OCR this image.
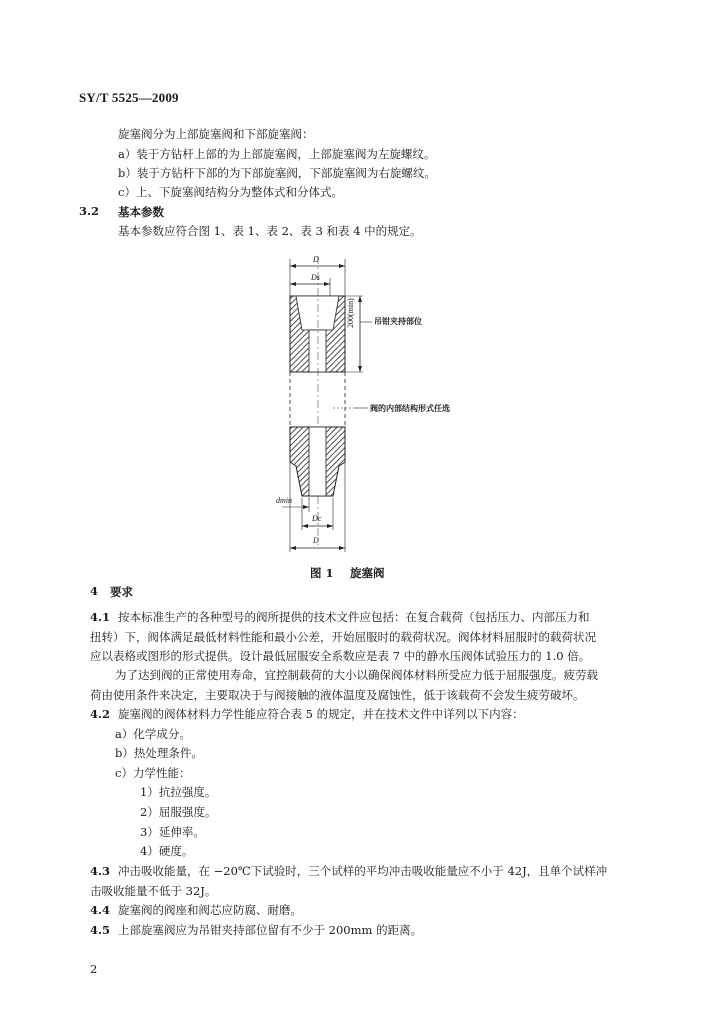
SY/T 5525—2009
旋塞阀分为上部旋塞阀和下部旋塞阀：
a）装于方钻杆上部的为上部旋塞阀，上部旋塞阀为左旋螺纹。
b）装于方钻杆下部的为下部旋塞阀，下部旋塞阀为右旋螺纹。
c）上、下旋塞阀结构分为整体式和分体式。
3.2 基本参数
基本参数应符合图 1、表 1、表 2、表 3 和表 4 中的规定。
D
Ds
200(min) 吊钳夹持部位
阀的内部结构形式任选
dmin
Dc
D
图 1 旋塞阀
4 要求
4.1 按本标准生产的各种型号的阀所提供的技术文件应包括：在复合载荷（包括压力、内部压力和
扭转）下，阀体满足最低材料性能和最小公差，开始屈服时的载荷状况。阀体材料屈服时的载荷状况
应以表格或图形的形式提供。设计最低屈服安全系数应是表 7 中的静水压阀体试验压力的 1.0 倍。
为了达到阀的正常使用寿命，宜控制载荷的大小以确保阀体材料所受应力低于屈服强度。疲劳载
荷由使用条件来决定，主要取决于与阀接触的液体温度及腐蚀性，低于该载荷不会发生疲劳破坏。
4.2 旋塞阀的阀体材料力学性能应符合表 5 的规定，并在技术文件中详列以下内容：
a）化学成分。
b）热处理条件。
c）力学性能：
1）抗拉强度。
2）屈服强度。
3）延伸率。
4）硬度。
4.3 冲击吸收能量，在 −20℃下试验时，三个试样的平均冲击吸收能量应不小于 42J，且单个试样冲
击吸收能量不低于 32J。
4.4 旋塞阀的阀座和阀芯应防腐、耐磨。
4.5 上部旋塞阀应为吊钳夹持部位留有不少于 200mm 的距离。
2
